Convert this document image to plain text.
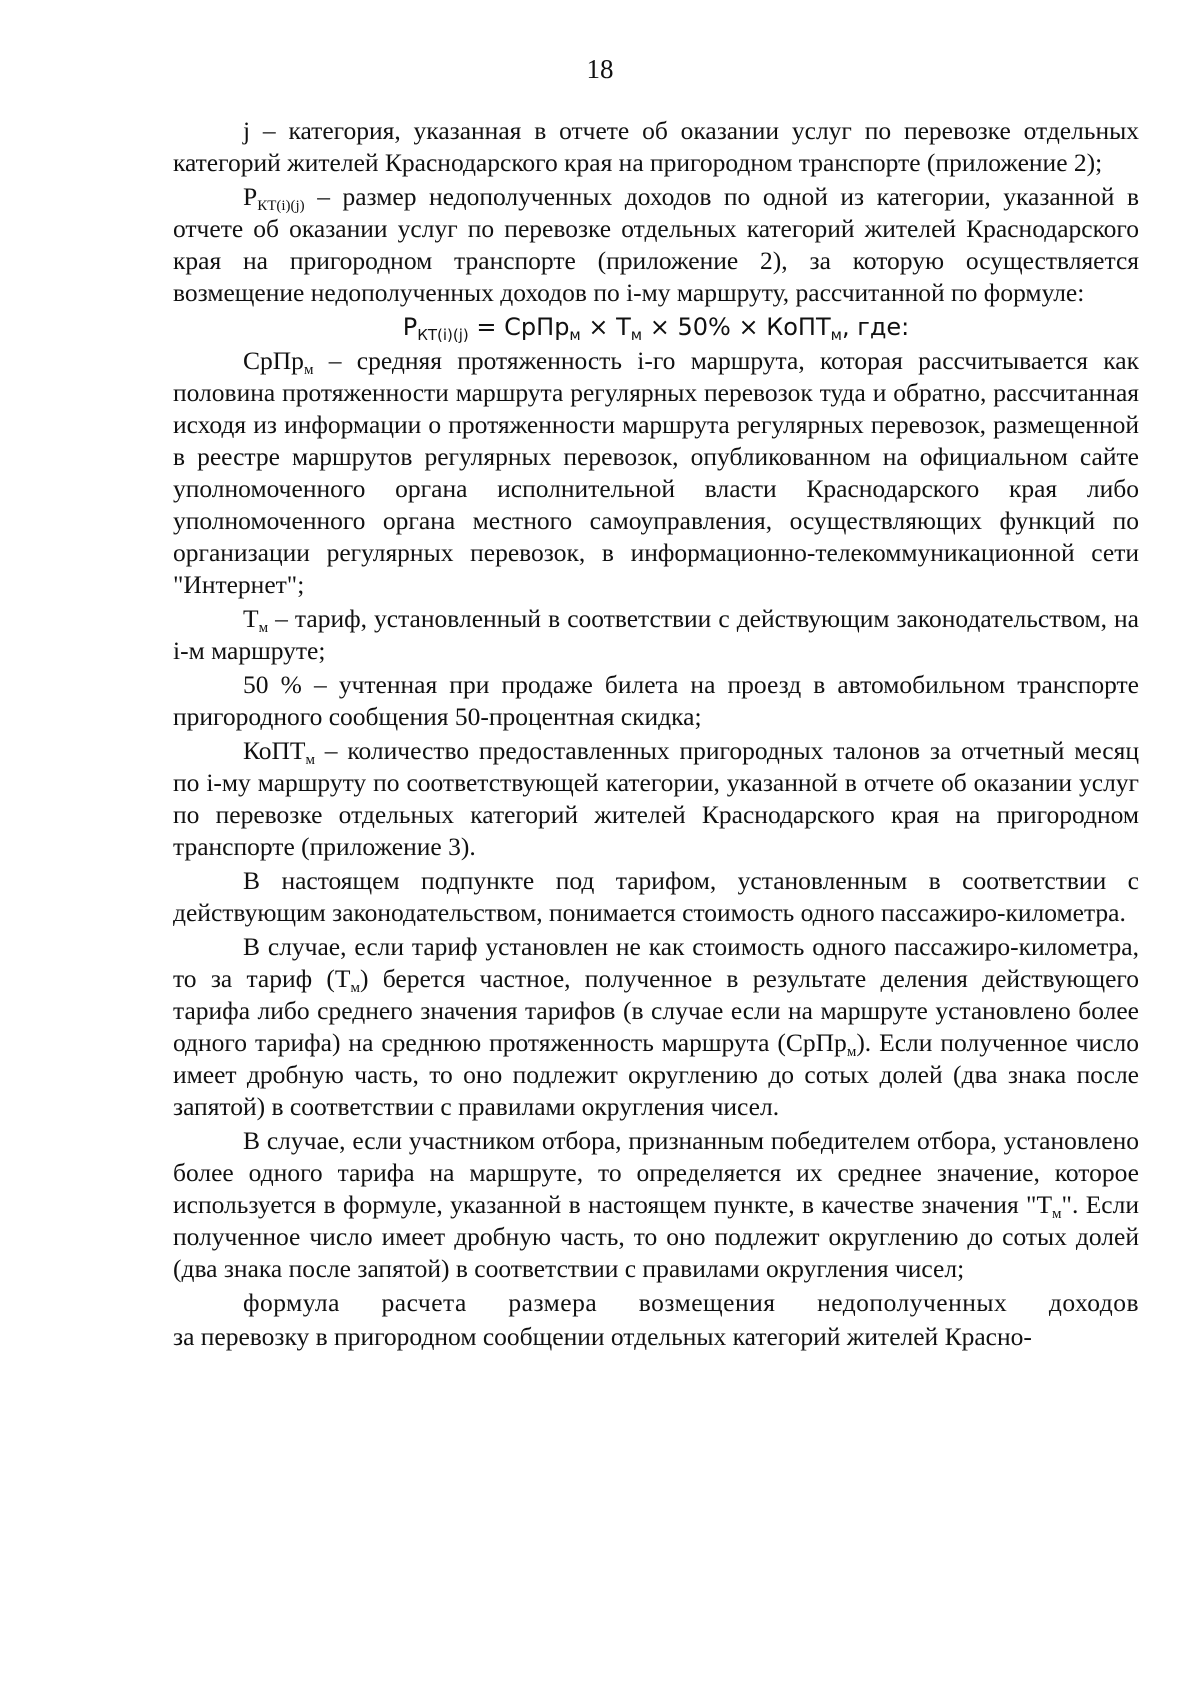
18

j – категория, указанная в отчете об оказании услуг по перевозке отдельных категорий жителей Краснодарского края на пригородном транспорте (приложение 2);

$P_{КТ(i)(j)}$ – размер недополученных доходов по одной из категории, указанной в отчете об оказании услуг по перевозке отдельных категорий жителей Краснодарского края на пригородном транспорте (приложение 2), за которую осуществляется возмещение недополученных доходов по i-му маршруту, рассчитанной по формуле:

$P_{КТ(i)(j)}$ = СрПр$_м$ × $Т_м \times 50\%$ × КоПТ$_м$, где:

СрПр$_м$ – средняя протяженность i-го маршрута, которая рассчитывается как половина протяженности маршрута регулярных перевозок туда и обратно, рассчитанная исходя из информации о протяженности маршрута регулярных перевозок, размещенной в реестре маршрутов регулярных перевозок, опубликованном на официальном сайте уполномоченного органа исполнительной власти Краснодарского края либо уполномоченного органа местного самоуправления, осуществляющих функций по организации регулярных перевозок, в информационно-телекоммуникационной сети "Интернет";

$Т_м$ – тариф, установленный в соответствии с действующим законодательством, на i-м маршруте;

50 % – учтенная при продаже билета на проезд в автомобильном транспорте пригородного сообщения 50-процентная скидка;

КоПТ$_м$ – количество предоставленных пригородных талонов за отчетный месяц по i-му маршруту по соответствующей категории, указанной в отчете об оказании услуг по перевозке отдельных категорий жителей Краснодарского края на пригородном транспорте (приложение 3).

В настоящем подпункте под тарифом, установленным в соответствии с действующим законодательством, понимается стоимость одного пассажиро-километра.

В случае, если тариф установлен не как стоимость одного пассажиро-километра, то за тариф $(Т_м)$ берется частное, полученное в результате деления действующего тарифа либо среднего значения тарифов (в случае если на маршруте установлено более одного тарифа) на среднюю протяженность маршрута (СрПр$_м$). Если полученное число имеет дробную часть, то оно подлежит округлению до сотых долей (два знака после запятой) в соответствии с правилами округления чисел.

В случае, если участником отбора, признанным победителем отбора, установлено более одного тарифа на маршруте, то определяется их среднее значение, которое используется в формуле, указанной в настоящем пункте, в качестве значения "$Т_м$". Если полученное число имеет дробную часть, то оно подлежит округлению до сотых долей (два знака после запятой) в соответствии с правилами округления чисел;

формула расчета размера возмещения недополученных доходов

за перевозку в пригородном сообщении отдельных категорий жителей Красно-
